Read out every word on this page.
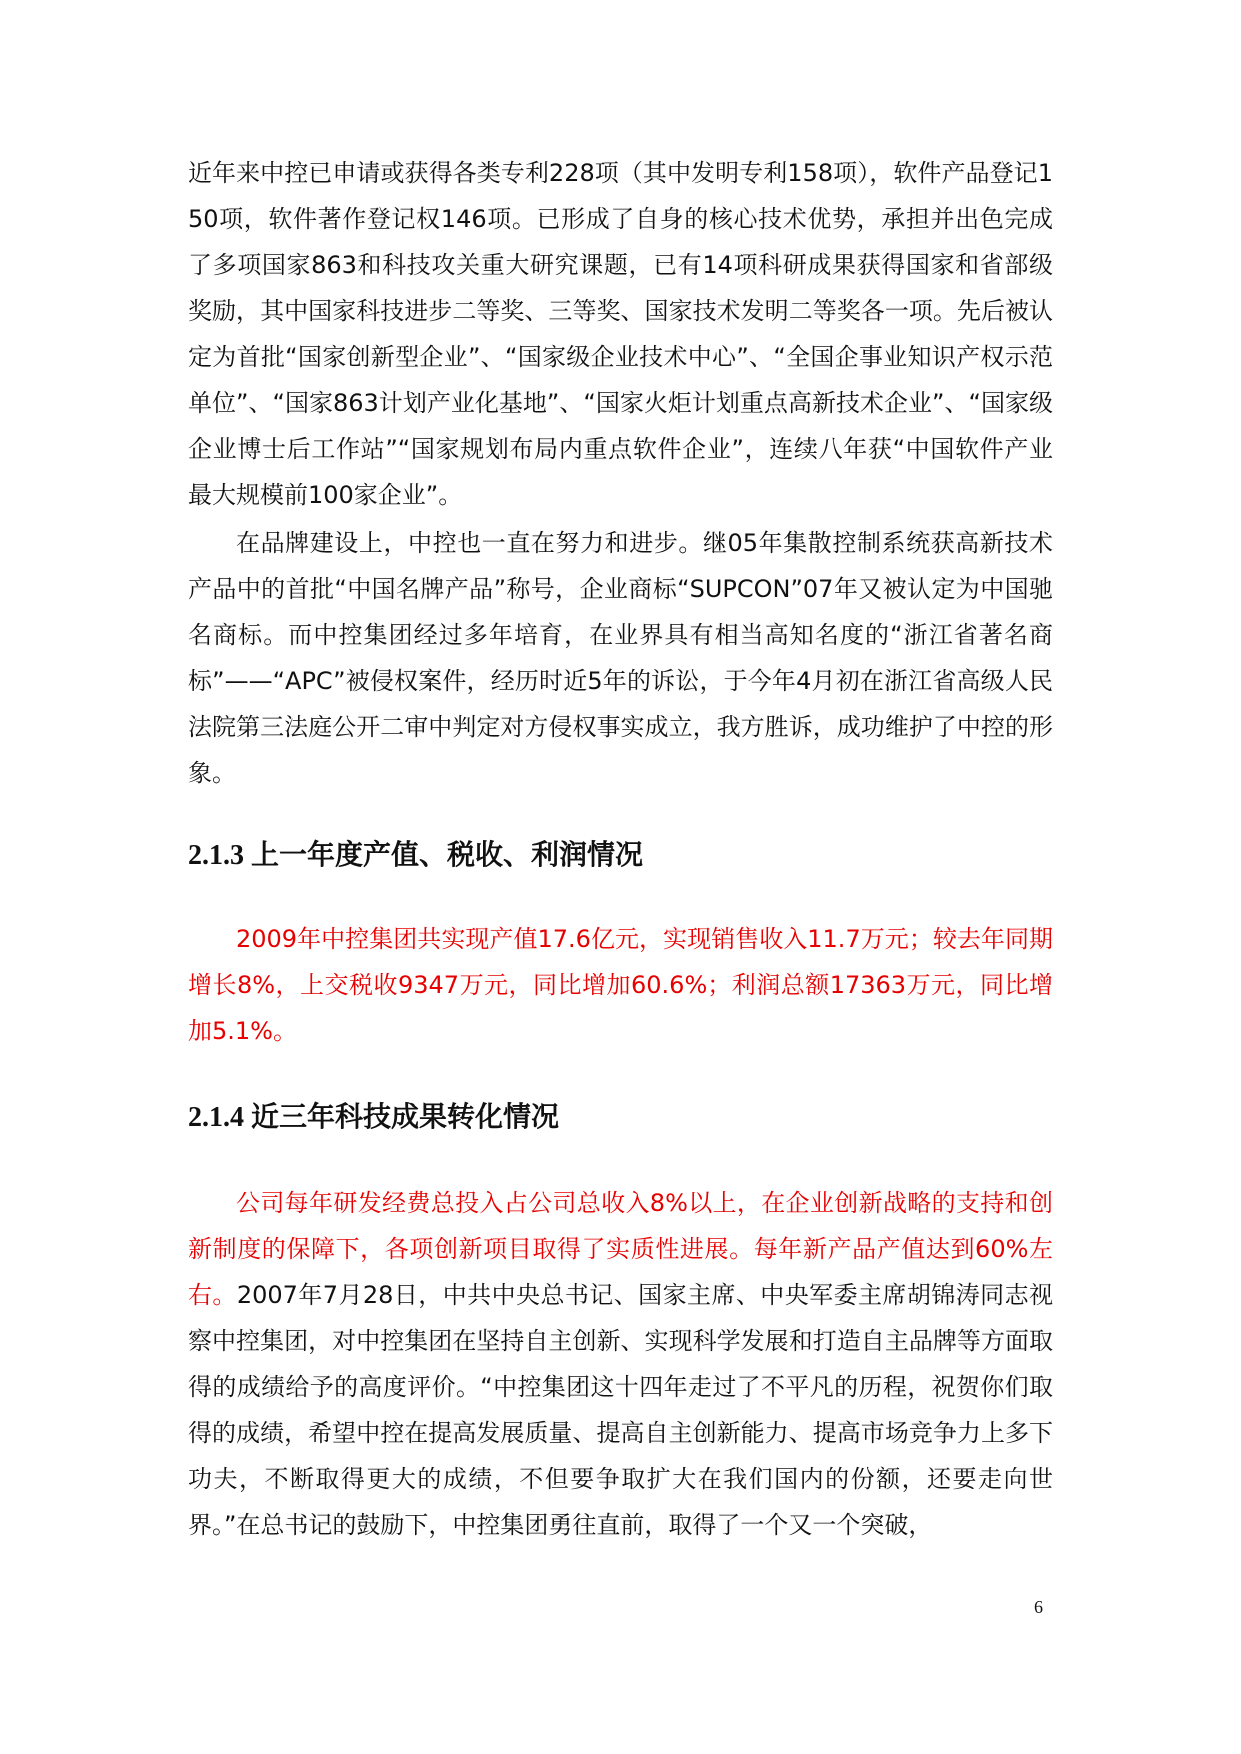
近年来中控已申请或获得各类专利228项（其中发明专利158项），软件产品登记150项，软件著作登记权146项。已形成了自身的核心技术优势，承担并出色完成了多项国家863和科技攻关重大研究课题，已有14项科研成果获得国家和省部级奖励，其中国家科技进步二等奖、三等奖、国家技术发明二等奖各一项。先后被认定为首批“国家创新型企业”、“国家级企业技术中心”、“全国企事业知识产权示范单位”、“国家863计划产业化基地”、“国家火炬计划重点高新技术企业”、“国家级企业博士后工作站”“国家规划布局内重点软件企业”，连续八年获“中国软件产业最大规模前100家企业”。

在品牌建设上，中控也一直在努力和进步。继05年集散控制系统获高新技术产品中的首批“中国名牌产品”称号，企业商标“SUPCON”07年又被认定为中国驰名商标。而中控集团经过多年培育，在业界具有相当高知名度的“浙江省著名商标”——“APC”被侵权案件，经历时近5年的诉讼，于今年4月初在浙江省高级人民法院第三法庭公开二审中判定对方侵权事实成立，我方胜诉，成功维护了中控的形象。

2.1.3 上一年度产值、税收、利润情况

2009年中控集团共实现产值17.6亿元，实现销售收入11.7万元；较去年同期增长8%，上交税收9347万元，同比增加60.6%；利润总额17363万元，同比增加5.1%。

2.1.4 近三年科技成果转化情况

公司每年研发经费总投入占公司总收入8%以上，在企业创新战略的支持和创新制度的保障下，各项创新项目取得了实质性进展。每年新产品产值达到60%左右。2007年7月28日，中共中央总书记、国家主席、中央军委主席胡锦涛同志视察中控集团，对中控集团在坚持自主创新、实现科学发展和打造自主品牌等方面取得的成绩给予的高度评价。“中控集团这十四年走过了不平凡的历程，祝贺你们取得的成绩，希望中控在提高发展质量、提高自主创新能力、提高市场竞争力上多下功夫，不断取得更大的成绩，不但要争取扩大在我们国内的份额，还要走向世界。”在总书记的鼓励下，中控集团勇往直前，取得了一个又一个突破，

6
